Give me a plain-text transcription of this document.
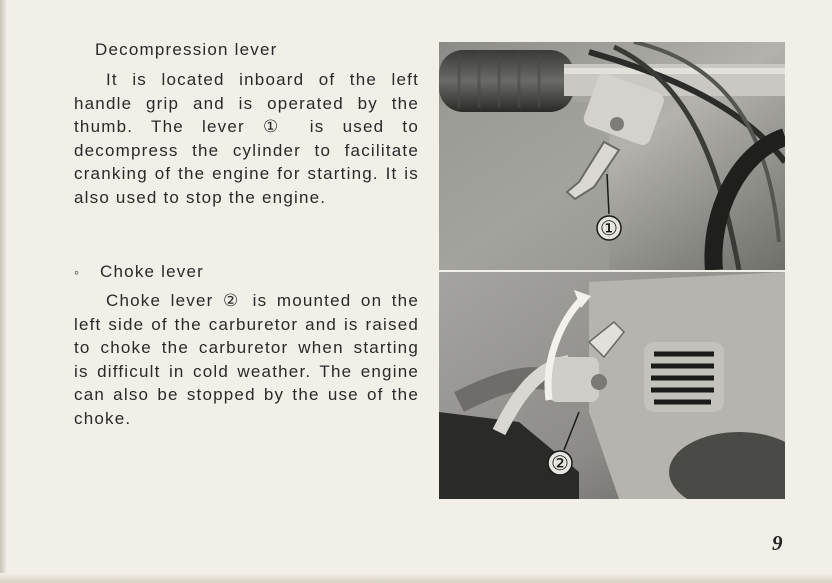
Decompression lever

It is located inboard of the left handle grip and is operated by the thumb. The lever ① is used to decompress the cylinder to facilitate cranking of the engine for starting. It is also used to stop the engine.

◦ Choke lever

Choke lever ② is mounted on the left side of the carburetor and is raised to choke the carburetor when starting is difficult in cold weather. The engine can also be stopped by the use of the choke.

①
②
9
